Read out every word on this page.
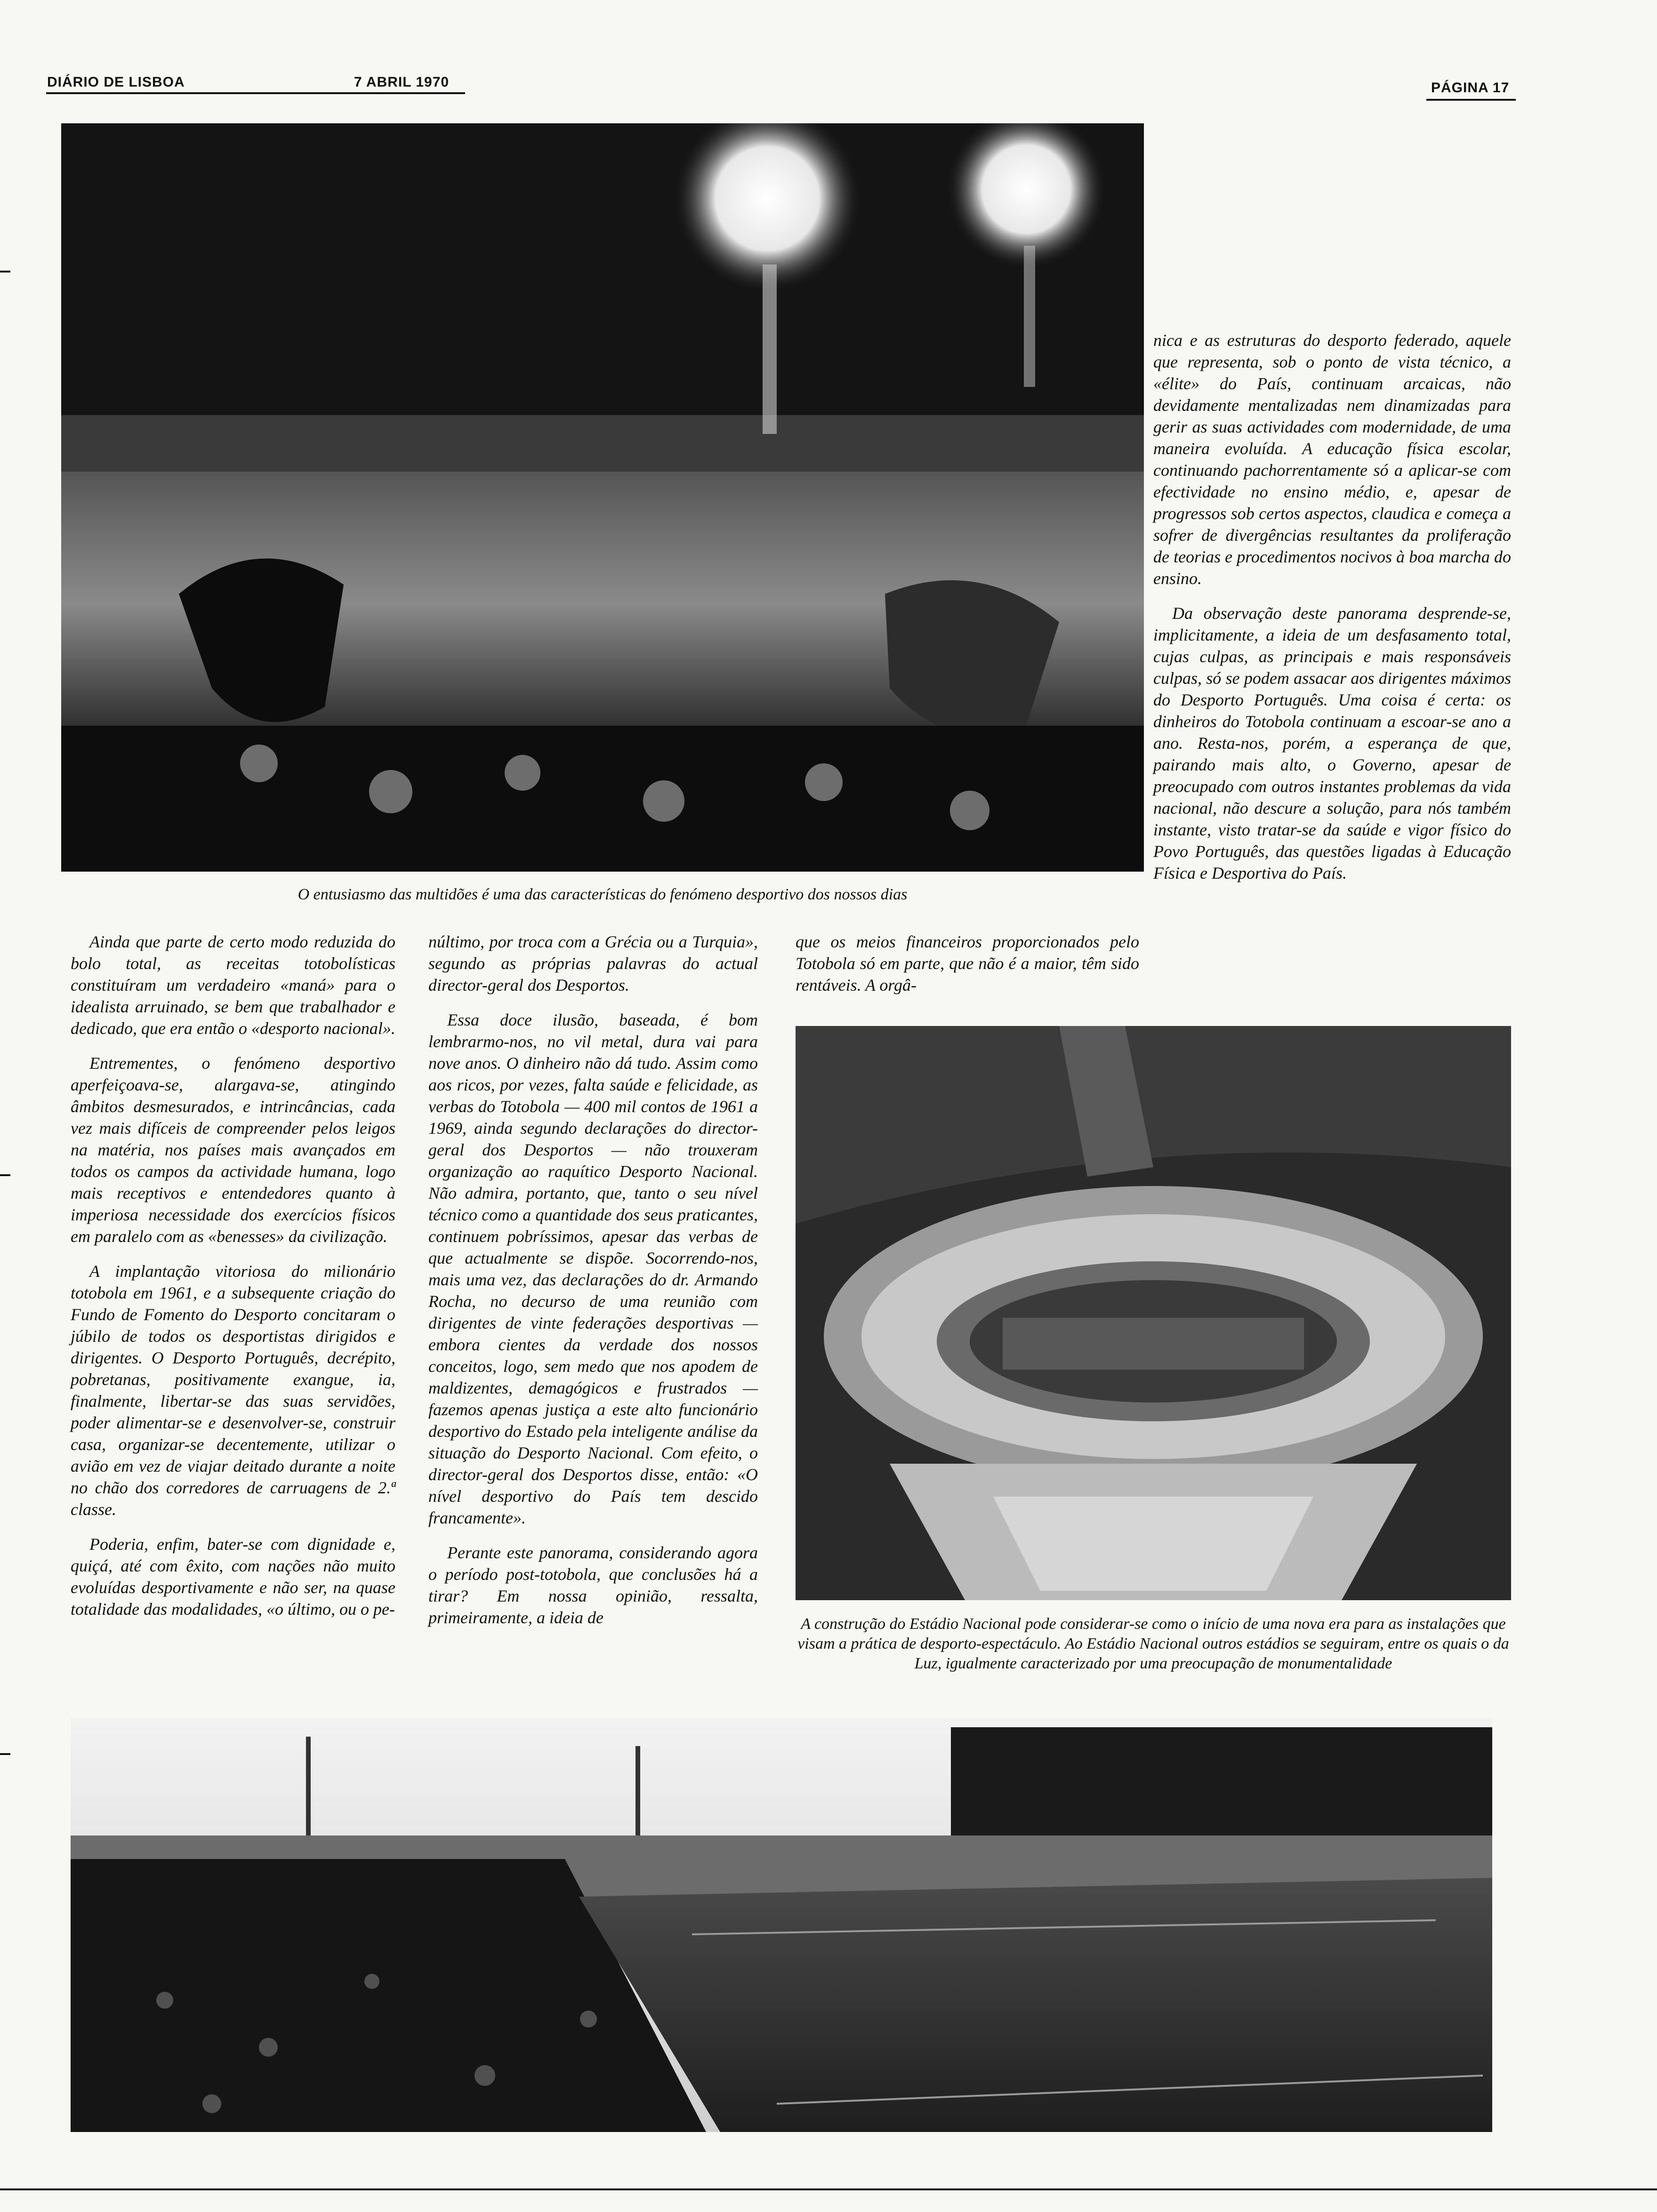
DIÁRIO DE LISBOA	7 ABRIL 1970	PÁGINA 17
O entusiasmo das multidões é uma das características do fenómeno desportivo dos nossos dias

Ainda que parte de certo modo reduzida do bolo total, as receitas totobolísticas constituíram um verdadeiro «maná» para o idealista arruinado, se bem que trabalhador e dedicado, que era então o «desporto nacional».

Entrementes, o fenómeno desportivo aperfeiçoava-se, alargava-se, atingindo âmbitos desmesurados, e intrincâncias, cada vez mais difíceis de compreender pelos leigos na matéria, nos países mais avançados em todos os campos da actividade humana, logo mais receptivos e entendedores quanto à imperiosa necessidade dos exercícios físicos em paralelo com as «benesses» da civilização.

A implantação vitoriosa do milionário totobola em 1961, e a subsequente criação do Fundo de Fomento do Desporto concitaram o júbilo de todos os desportistas dirigidos e dirigentes. O Desporto Português, decrépito, pobretanas, positivamente exangue, ia, finalmente, libertar-se das suas servidões, poder alimentar-se e desenvolver-se, construir casa, organizar-se decentemente, utilizar o avião em vez de viajar deitado durante a noite no chão dos corredores de carruagens de 2.ª classe.

Poderia, enfim, bater-se com dignidade e, quiçá, até com êxito, com nações não muito evoluídas desportivamente e não ser, na quase totalidade das modalidades, «o último, ou o pe-

núltimo, por troca com a Grécia ou a Turquia», segundo as próprias palavras do actual director-geral dos Desportos.

Essa doce ilusão, baseada, é bom lembrarmo-nos, no vil metal, dura vai para nove anos. O dinheiro não dá tudo. Assim como aos ricos, por vezes, falta saúde e felicidade, as verbas do Totobola — 400 mil contos de 1961 a 1969, ainda segundo declarações do director-geral dos Desportos — não trouxeram organização ao raquítico Desporto Nacional. Não admira, portanto, que, tanto o seu nível técnico como a quantidade dos seus praticantes, continuem pobríssimos, apesar das verbas de que actualmente se dispõe. Socorrendo-nos, mais uma vez, das declarações do dr. Armando Rocha, no decurso de uma reunião com dirigentes de vinte federações desportivas — embora cientes da verdade dos nossos conceitos, logo, sem medo que nos apodem de maldizentes, demagógicos e frustrados — fazemos apenas justiça a este alto funcionário desportivo do Estado pela inteligente análise da situação do Desporto Nacional. Com efeito, o director-geral dos Desportos disse, então: «O nível desportivo do País tem descido francamente».

Perante este panorama, considerando agora o período post-totobola, que conclusões há a tirar? Em nossa opinião, ressalta, primeiramente, a ideia de

que os meios financeiros proporcionados pelo Totobola só em parte, que não é a maior, têm sido rentáveis. A orgâ-

nica e as estruturas do desporto federado, aquele que representa, sob o ponto de vista técnico, a «élite» do País, continuam arcaicas, não devidamente mentalizadas nem dinamizadas para gerir as suas actividades com modernidade, de uma maneira evoluída. A educação física escolar, continuando pachorrentamente só a aplicar-se com efectividade no ensino médio, e, apesar de progressos sob certos aspectos, claudica e começa a sofrer de divergências resultantes da proliferação de teorias e procedimentos nocivos à boa marcha do ensino.

Da observação deste panorama desprende-se, implicitamente, a ideia de um desfasamento total, cujas culpas, as principais e mais responsáveis culpas, só se podem assacar aos dirigentes máximos do Desporto Português. Uma coisa é certa: os dinheiros do Totobola continuam a escoar-se ano a ano. Resta-nos, porém, a esperança de que, pairando mais alto, o Governo, apesar de preocupado com outros instantes problemas da vida nacional, não descure a solução, para nós também instante, visto tratar-se da saúde e vigor físico do Povo Português, das questões ligadas à Educação Física e Desportiva do País.

A construção do Estádio Nacional pode considerar-se como o início de uma nova era para as instalações que visam a prática de desporto-espectáculo. Ao Estádio Nacional outros estádios se seguiram, entre os quais o da Luz, igualmente caracterizado por uma preocupação de monumentalidade
